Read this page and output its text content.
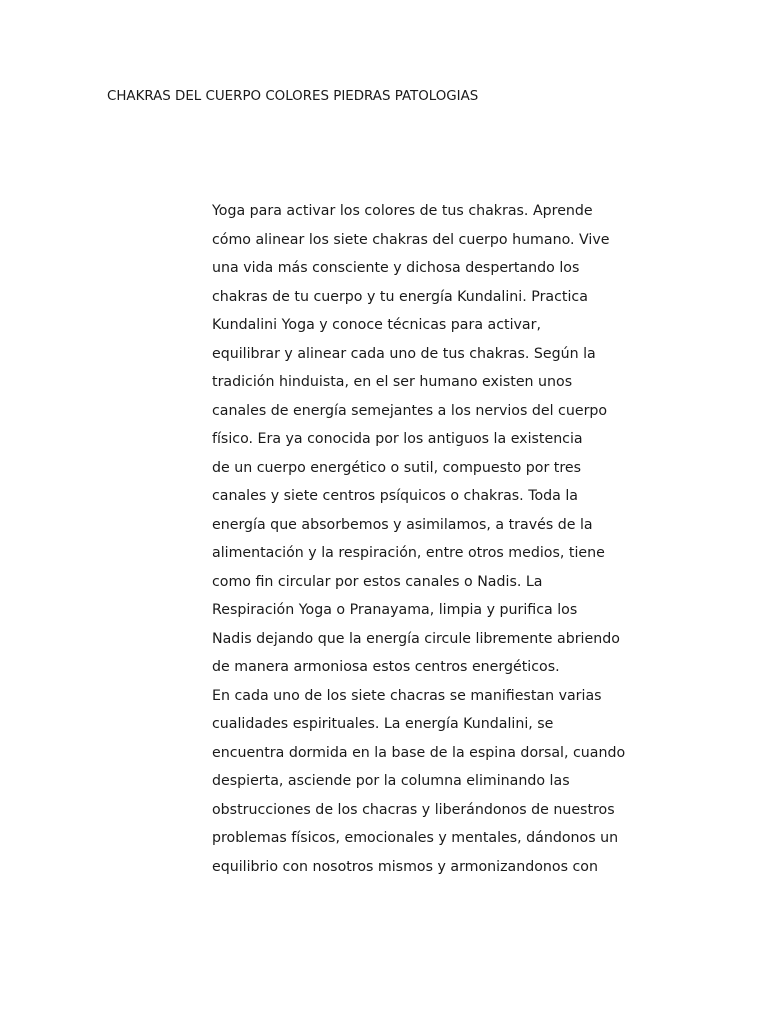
CHAKRAS DEL CUERPO COLORES PIEDRAS PATOLOGIAS
Yoga para activar los colores de tus chakras. Aprende
cómo alinear los siete chakras del cuerpo humano. Vive
una vida más consciente y dichosa despertando los
chakras de tu cuerpo y tu energía Kundalini. Practica
Kundalini Yoga y conoce técnicas para activar,
equilibrar y alinear cada uno de tus chakras. Según la
tradición hinduista, en el ser humano existen unos
canales de energía semejantes a los nervios del cuerpo
físico. Era ya conocida por los antiguos la existencia
de un cuerpo energético o sutil, compuesto por tres
canales y siete centros psíquicos o chakras. Toda la
energía que absorbemos y asimilamos, a través de la
alimentación y la respiración, entre otros medios, tiene
como fin circular por estos canales o Nadis. La
Respiración Yoga o Pranayama, limpia y purifica los
Nadis dejando que la energía circule libremente abriendo
de manera armoniosa estos centros energéticos.
En cada uno de los siete chacras se manifiestan varias
cualidades espirituales. La energía Kundalini, se
encuentra dormida en la base de la espina dorsal, cuando
despierta, asciende por la columna eliminando las
obstrucciones de los chacras y liberándonos de nuestros
problemas físicos, emocionales y mentales, dándonos un
equilibrio con nosotros mismos y armonizandonos con
